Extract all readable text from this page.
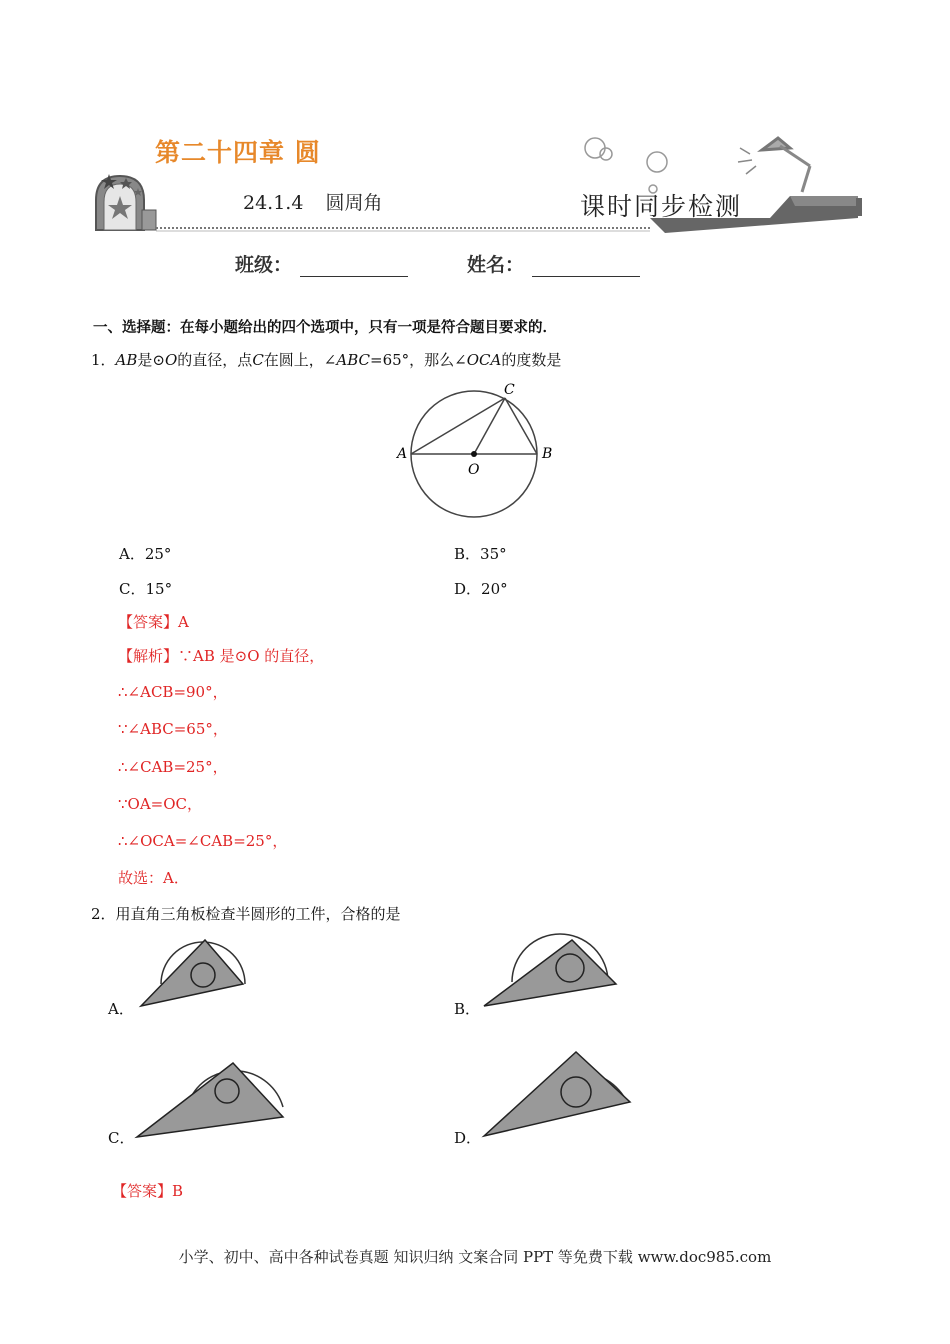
第二十四章 圆
24.1.4 圆周角	课时同步检测
班级：	姓名：
一、选择题：在每小题给出的四个选项中，只有一项是符合题目要求的．
1．AB是⊙O的直径，点C在圆上，∠ABC=65°，那么∠OCA的度数是
A	B
C
O
A．25°	B．35°
C．15°	D．20°
【答案】A
【解析】∵AB 是⊙O 的直径，
∴∠ACB=90°，
∵∠ABC=65°，
∴∠CAB=25°，
∵OA=OC，
∴∠OCA=∠CAB=25°，
故选：A．
2．用直角三角板检查半圆形的工件，合格的是
A．	B．
C．	D．
【答案】B
小学、初中、高中各种试卷真题 知识归纳 文案合同 PPT 等免费下载 www.doc985.com
